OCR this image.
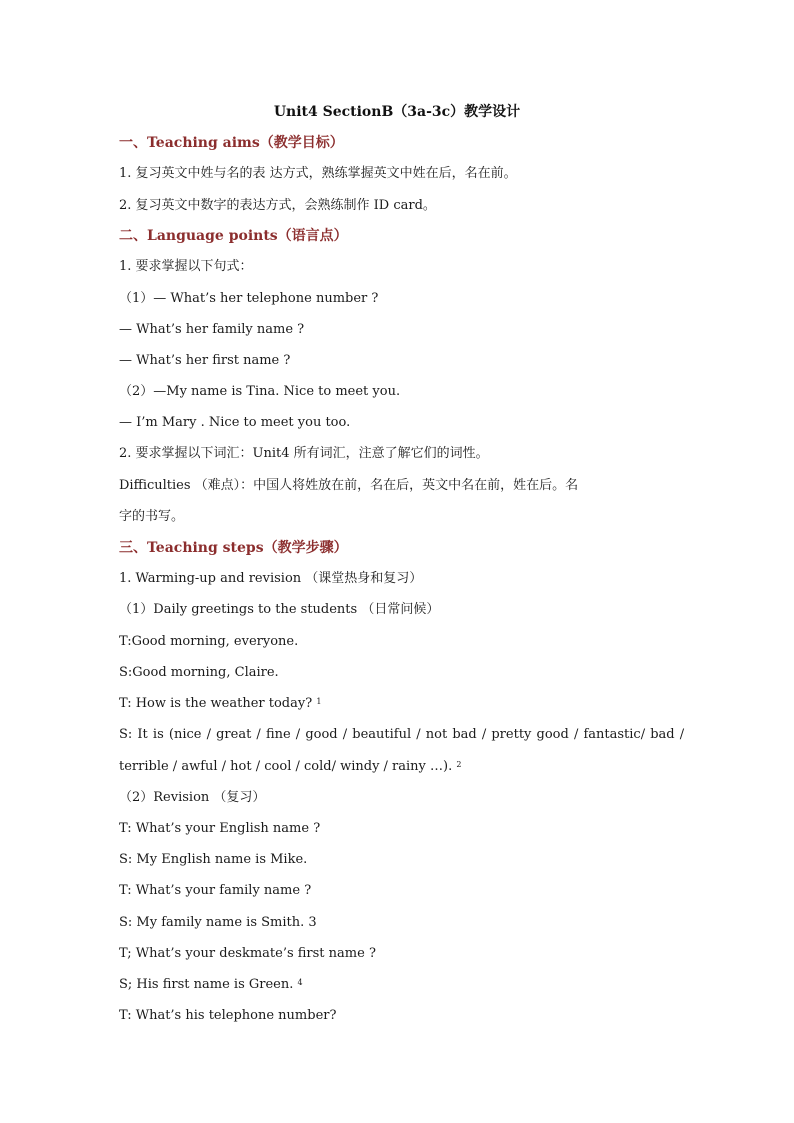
Unit4 SectionB（3a-3c）教学设计
一、Teaching aims（教学目标）
1. 复习英文中姓与名的表 达方式，熟练掌握英文中姓在后，名在前。
2. 复习英文中数字的表达方式，会熟练制作 ID card。
二、Language points（语言点）
1. 要求掌握以下句式：
（1）— What’s her telephone number ?
— What’s her family name ?
— What’s her first name ?
（2）—My name is Tina. Nice to meet you.
— I’m Mary . Nice to meet you too.
2. 要求掌握以下词汇：Unit4 所有词汇，注意了解它们的词性。
Difficulties （难点）：中国人将姓放在前，名在后，英文中名在前，姓在后。名
字的书写。
三、Teaching steps（教学步骤）
1. Warming-up and revision （课堂热身和复习）
（1）Daily greetings to the students （日常问候）
T:Good morning, everyone.
S:Good morning, Claire.
T: How is the weather today? $^1$
S: It is (nice / great / fine / good / beautiful / not bad / pretty good / fantastic/ bad /
terrible / awful / hot / cool / cold/ windy / rainy …). $^2$
（2）Revision （复习）
T: What’s your English name ?
S: My English name is Mike.
T: What’s your family name ?
S: My family name is Smith. 3
T; What’s your deskmate’s first name ?
S; His first name is Green. $^4$
T: What’s his telephone number?
